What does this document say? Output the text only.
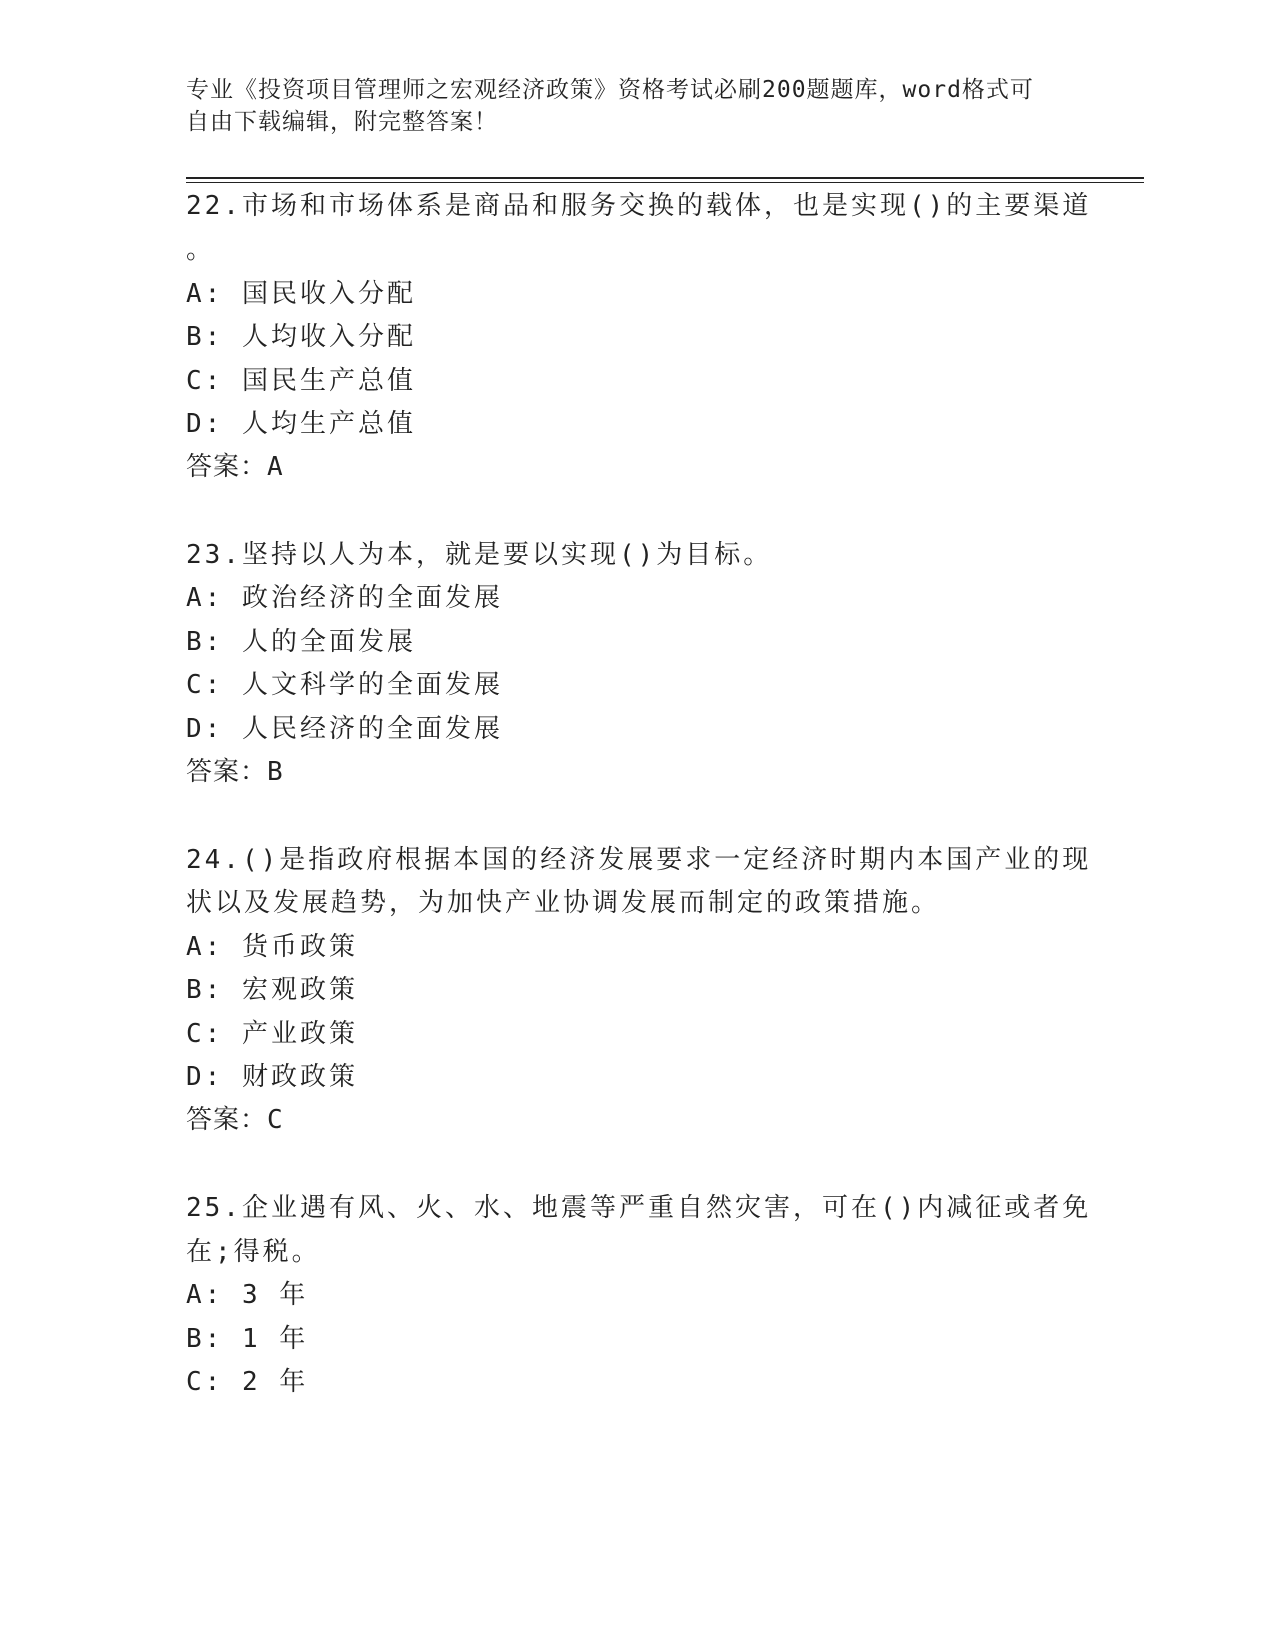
专业《投资项目管理师之宏观经济政策》资格考试必刷200题题库，word格式可
自由下载编辑，附完整答案！
22.市场和市场体系是商品和服务交换的载体，也是实现()的主要渠道
。
A: 国民收入分配
B: 人均收入分配
C: 国民生产总值
D: 人均生产总值
答案：A
23.坚持以人为本，就是要以实现()为目标。
A: 政治经济的全面发展
B: 人的全面发展
C: 人文科学的全面发展
D: 人民经济的全面发展
答案：B
24.()是指政府根据本国的经济发展要求一定经济时期内本国产业的现
状以及发展趋势，为加快产业协调发展而制定的政策措施。
A: 货币政策
B: 宏观政策
C: 产业政策
D: 财政政策
答案：C
25.企业遇有风、火、水、地震等严重自然灾害，可在()内减征或者免
在;得税。
A: 3 年
B: 1 年
C: 2 年
